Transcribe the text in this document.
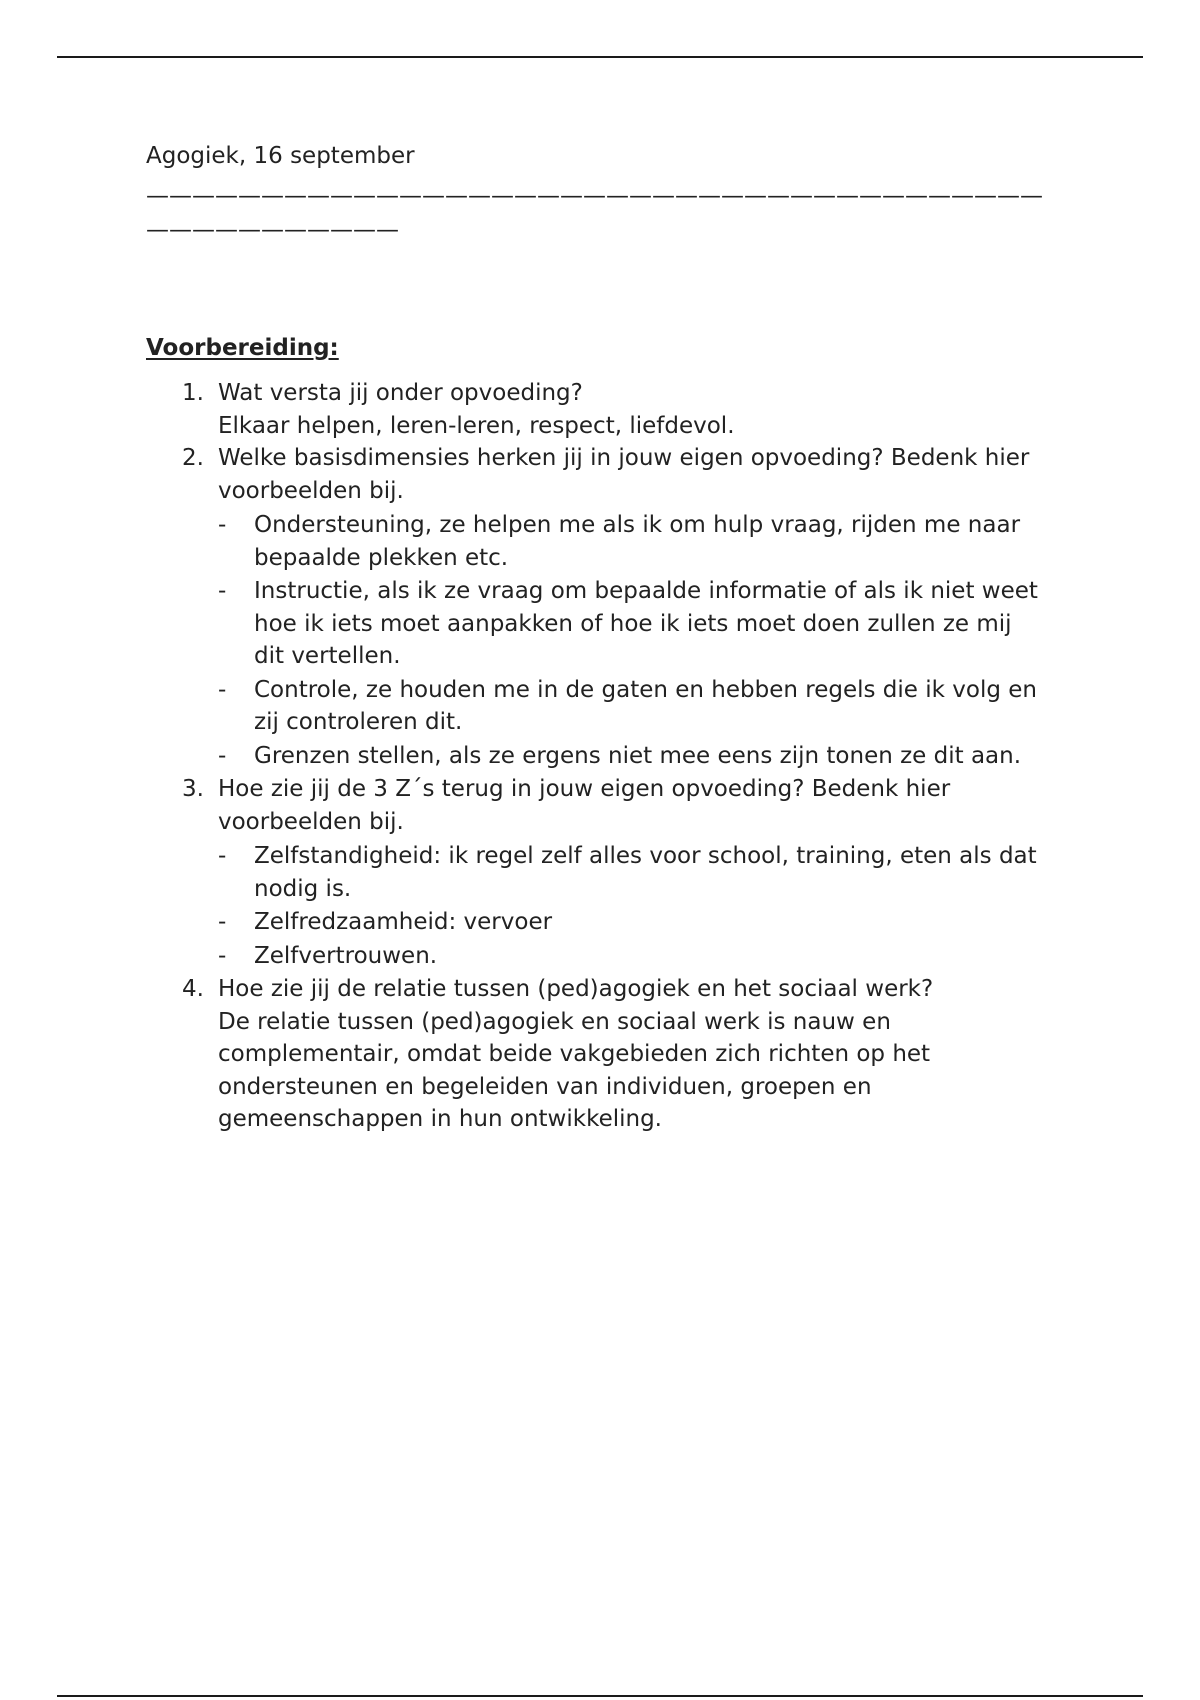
Agogiek, 16 september

——————————————————————————————————————————————————

Voorbereiding:

1. Wat versta jij onder opvoeding?
Elkaar helpen, leren-leren, respect, liefdevol.
2. Welke basisdimensies herken jij in jouw eigen opvoeding? Bedenk hier voorbeelden bij.
- Ondersteuning, ze helpen me als ik om hulp vraag, rijden me naar bepaalde plekken etc.
- Instructie, als ik ze vraag om bepaalde informatie of als ik niet weet hoe ik iets moet aanpakken of hoe ik iets moet doen zullen ze mij dit vertellen.
- Controle, ze houden me in de gaten en hebben regels die ik volg en zij controleren dit.
- Grenzen stellen, als ze ergens niet mee eens zijn tonen ze dit aan.
3. Hoe zie jij de 3 Z´s terug in jouw eigen opvoeding? Bedenk hier voorbeelden bij.
- Zelfstandigheid: ik regel zelf alles voor school, training, eten als dat nodig is.
- Zelfredzaamheid: vervoer
- Zelfvertrouwen.
4. Hoe zie jij de relatie tussen (ped)agogiek en het sociaal werk?
De relatie tussen (ped)agogiek en sociaal werk is nauw en complementair, omdat beide vakgebieden zich richten op het ondersteunen en begeleiden van individuen, groepen en gemeenschappen in hun ontwikkeling.
